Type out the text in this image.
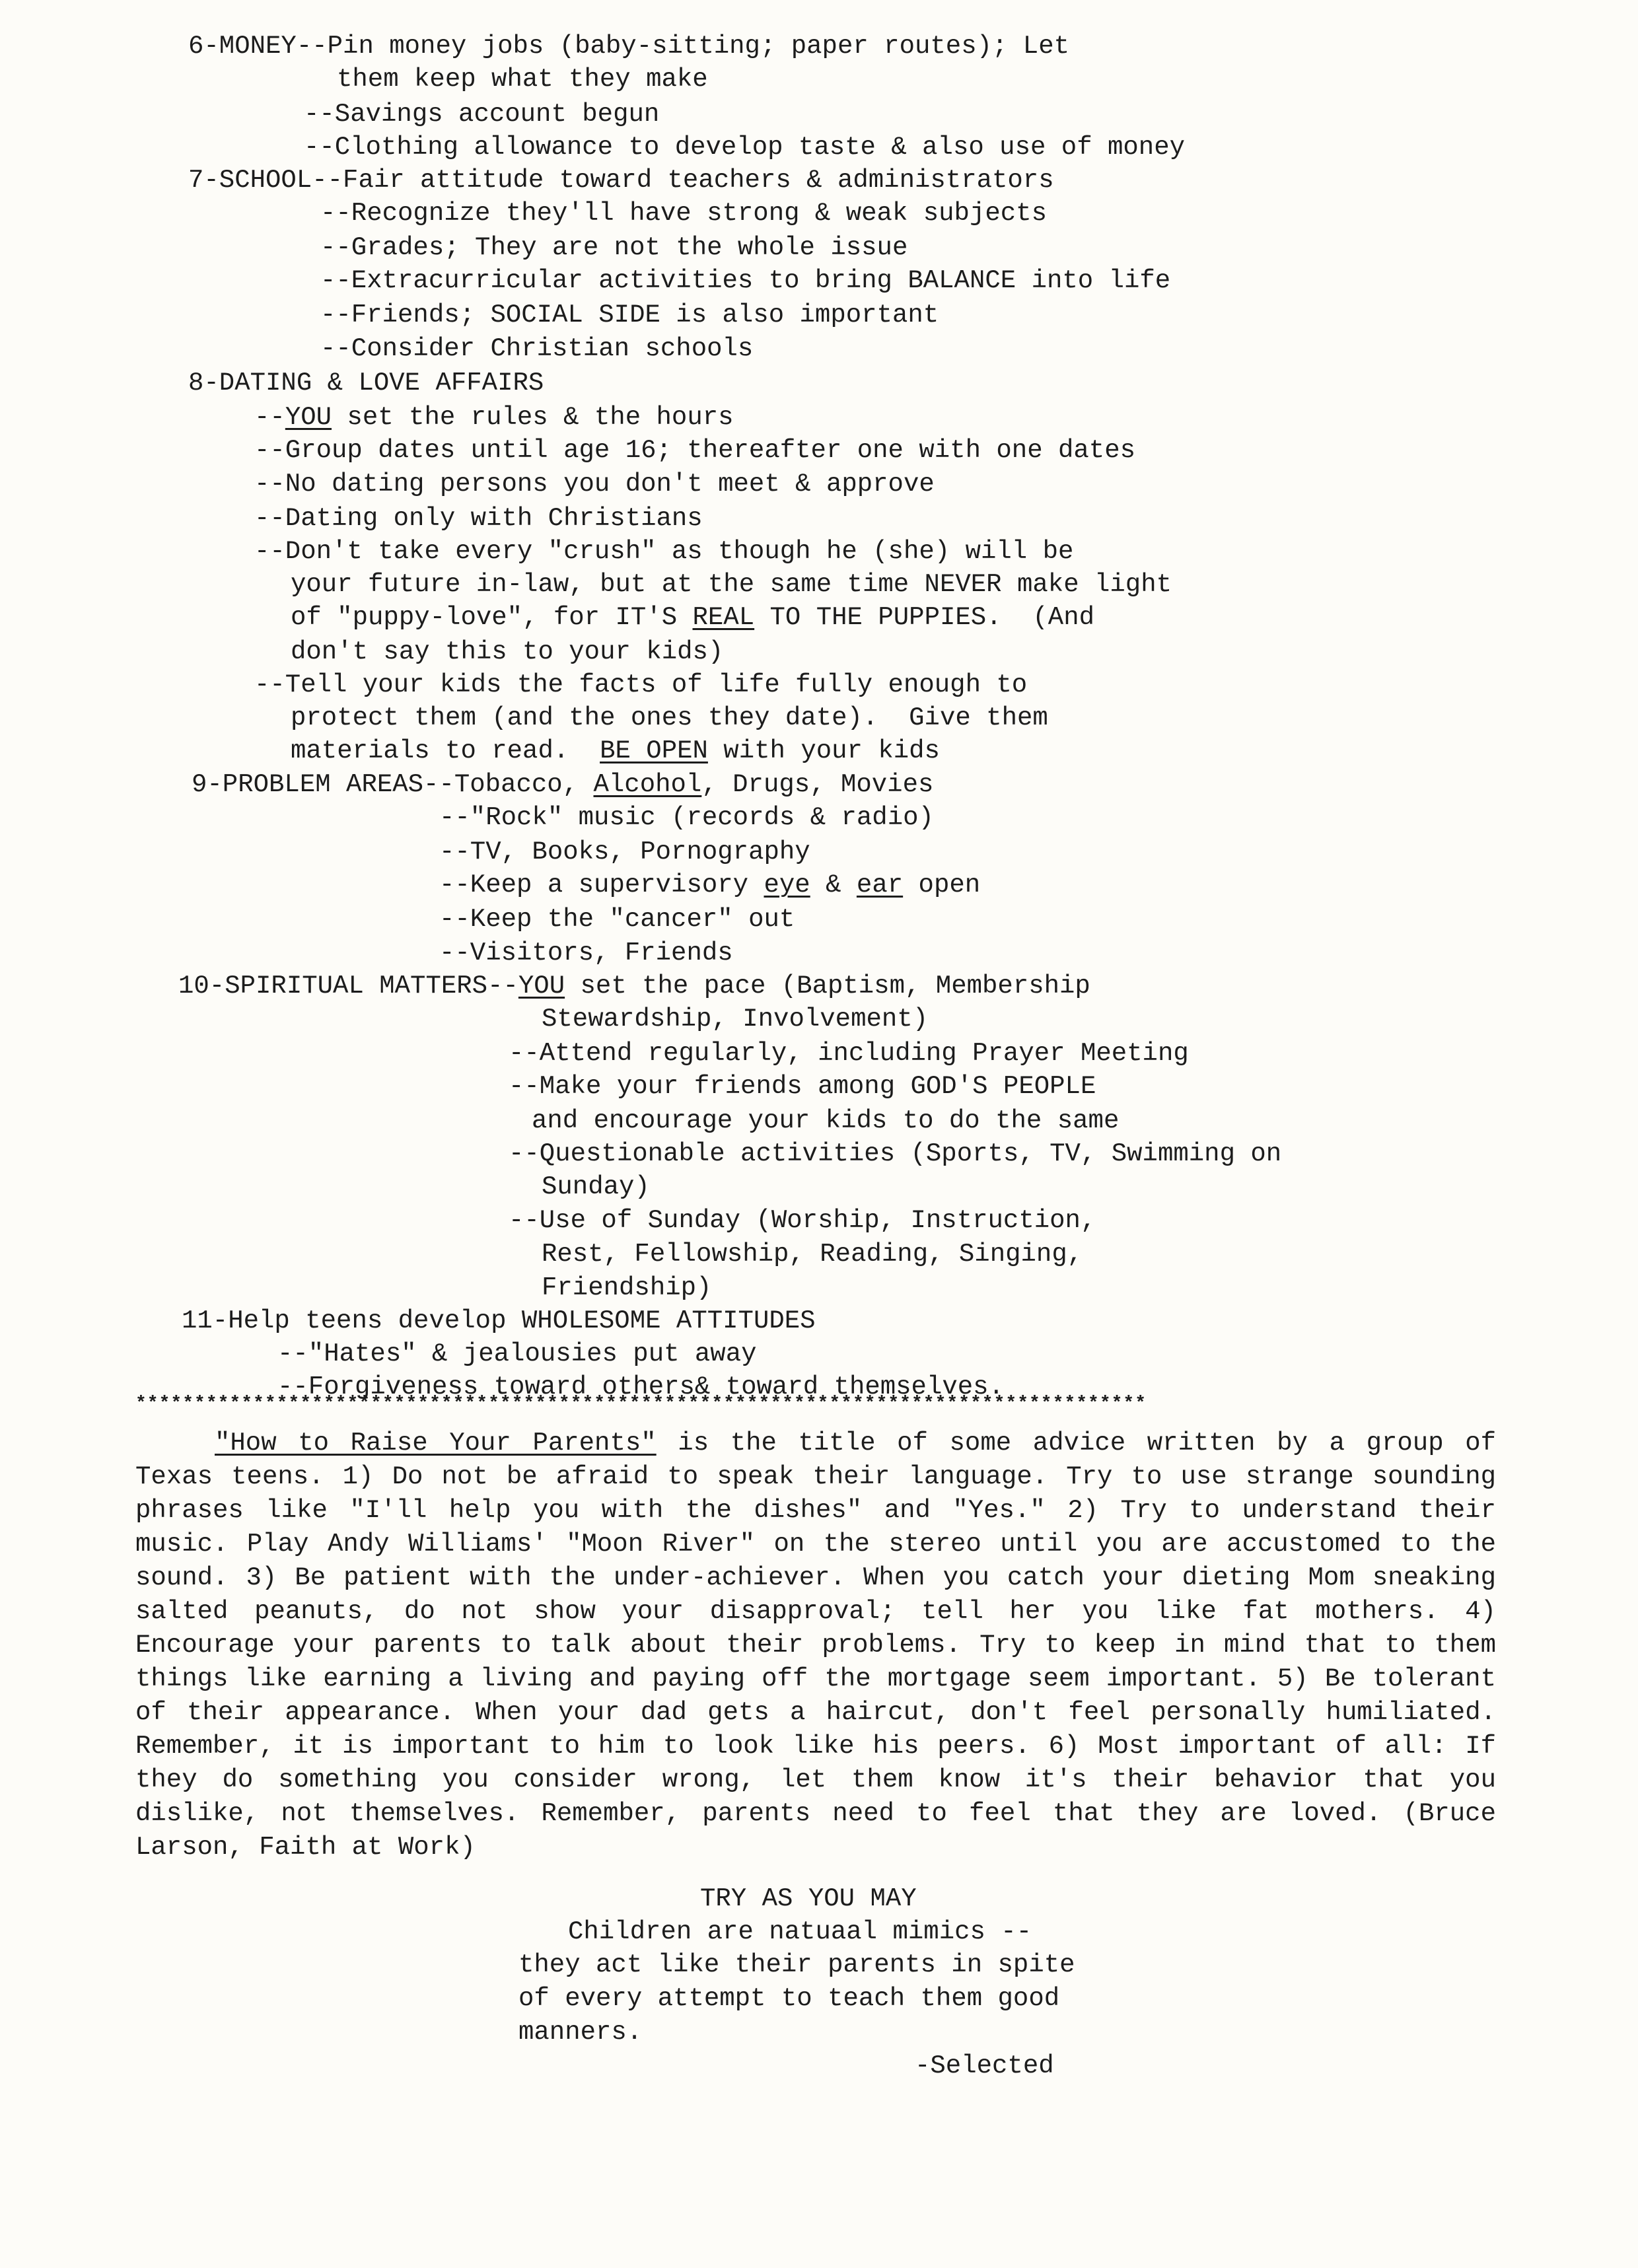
6-MONEY--Pin money jobs (baby-sitting; paper routes); Let
them keep what they make
--Savings account begun
--Clothing allowance to develop taste & also use of money
7-SCHOOL--Fair attitude toward teachers & administrators
--Recognize they'll have strong & weak subjects
--Grades; They are not the whole issue
--Extracurricular activities to bring BALANCE into life
--Friends; SOCIAL SIDE is also important
--Consider Christian schools
8-DATING & LOVE AFFAIRS
--YOU set the rules & the hours
--Group dates until age 16; thereafter one with one dates
--No dating persons you don't meet & approve
--Dating only with Christians
--Don't take every "crush" as though he (she) will be
your future in-law, but at the same time NEVER make light
of "puppy-love", for IT'S REAL TO THE PUPPIES.  (And
don't say this to your kids)
--Tell your kids the facts of life fully enough to
protect them (and the ones they date).  Give them
materials to read.  BE OPEN with your kids
9-PROBLEM AREAS--Tobacco, Alcohol, Drugs, Movies
--"Rock" music (records & radio)
--TV, Books, Pornography
--Keep a supervisory eye & ear open
--Keep the "cancer" out
--Visitors, Friends
10-SPIRITUAL MATTERS--YOU set the pace (Baptism, Membership
Stewardship, Involvement)
--Attend regularly, including Prayer Meeting
--Make your friends among GOD'S PEOPLE
and encourage your kids to do the same
--Questionable activities (Sports, TV, Swimming on
Sunday)
--Use of Sunday (Worship, Instruction,
Rest, Fellowship, Reading, Singing,
Friendship)
11-Help teens develop WHOLESOME ATTITUDES
--"Hates" & jealousies put away
--Forgiveness toward others& toward themselves.
**************************************************************************************
"How to Raise Your Parents" is the title of some advice written by a group of Texas teens. 1) Do not be afraid to speak their language. Try to use strange sounding phrases like "I'll help you with the dishes" and "Yes." 2) Try to understand their music. Play Andy Williams' "Moon River" on the stereo until you are accustomed to the sound. 3) Be patient with the under-achiever. When you catch your dieting Mom sneaking salted peanuts, do not show your disapproval; tell her you like fat mothers. 4) Encourage your parents to talk about their problems. Try to keep in mind that to them things like earning a living and paying off the mortgage seem important. 5) Be tolerant of their appearance. When your dad gets a haircut, don't feel personally humiliated. Remember, it is important to him to look like his peers. 6) Most important of all: If they do something you consider wrong, let them know it's their behavior that you dislike, not themselves. Remember, parents need to feel that they are loved. (Bruce Larson, Faith at Work)
TRY AS YOU MAY
Children are natuaal mimics --
they act like their parents in spite
of every attempt to teach them good
manners.
-Selected
